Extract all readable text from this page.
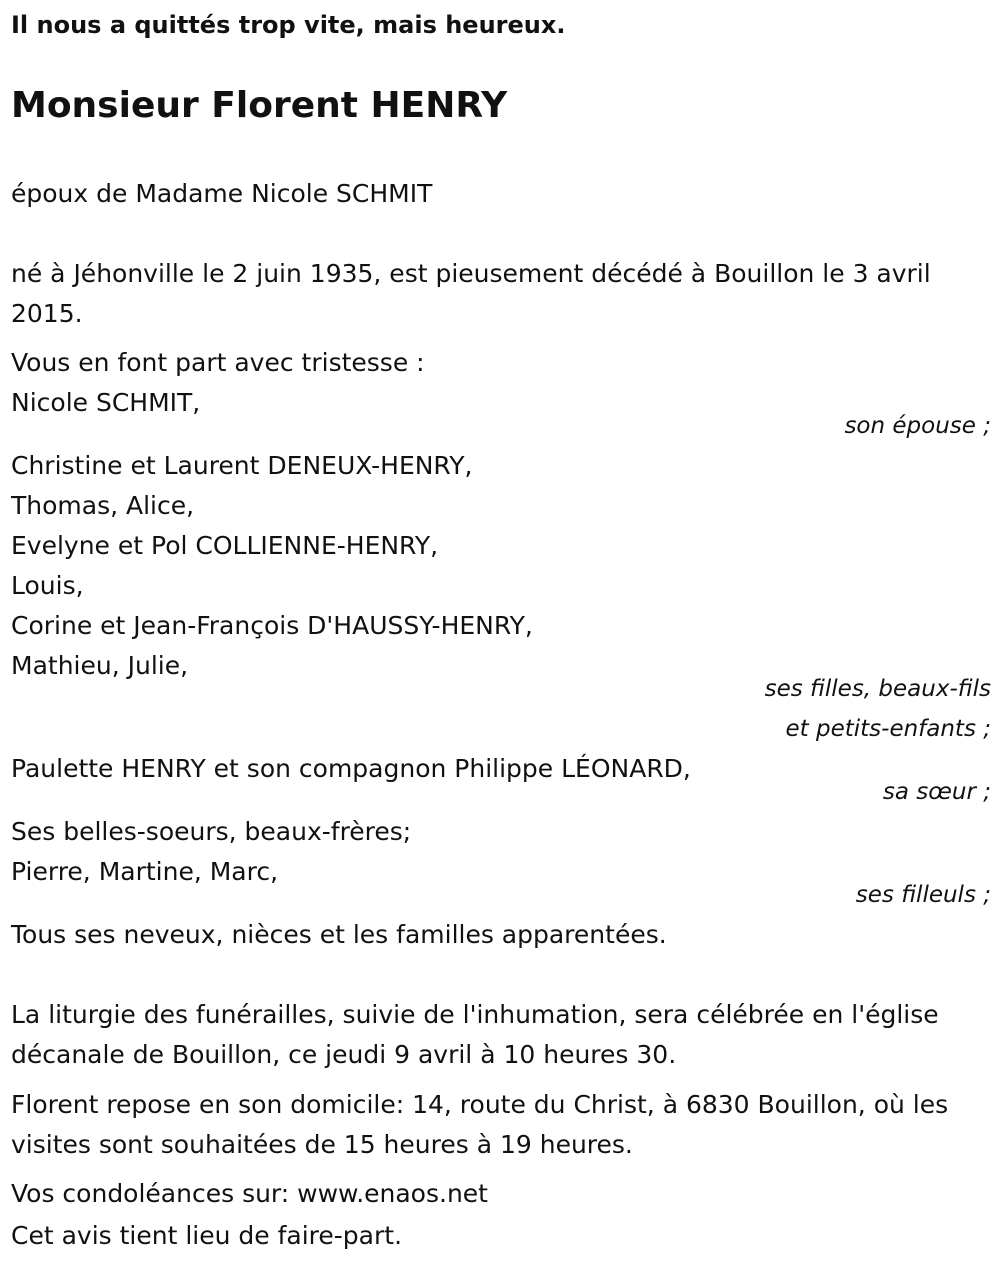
Il nous a quittés trop vite, mais heureux.
Monsieur Florent HENRY
époux de Madame Nicole SCHMIT
né à Jéhonville le 2 juin 1935, est pieusement décédé à Bouillon le 3 avril 2015.
Vous en font part avec tristesse :
Nicole SCHMIT,
son épouse ;
Christine et Laurent DENEUX-HENRY,
Thomas, Alice,
Evelyne et Pol COLLIENNE-HENRY,
Louis,
Corine et Jean-François D'HAUSSY-HENRY,
Mathieu, Julie,
ses filles, beaux-fils
et petits-enfants ;
Paulette HENRY et son compagnon Philippe LÉONARD,
sa sœur ;
Ses belles-soeurs, beaux-frères;
Pierre, Martine, Marc,
ses filleuls ;
Tous ses neveux, nièces et les familles apparentées.
La liturgie des funérailles, suivie de l'inhumation, sera célébrée en l'église décanale de Bouillon, ce jeudi 9 avril à 10 heures 30.
Florent repose en son domicile: 14, route du Christ, à 6830 Bouillon, où les visites sont souhaitées de 15 heures à 19 heures.
Vos condoléances sur: www.enaos.net
Cet avis tient lieu de faire-part.
